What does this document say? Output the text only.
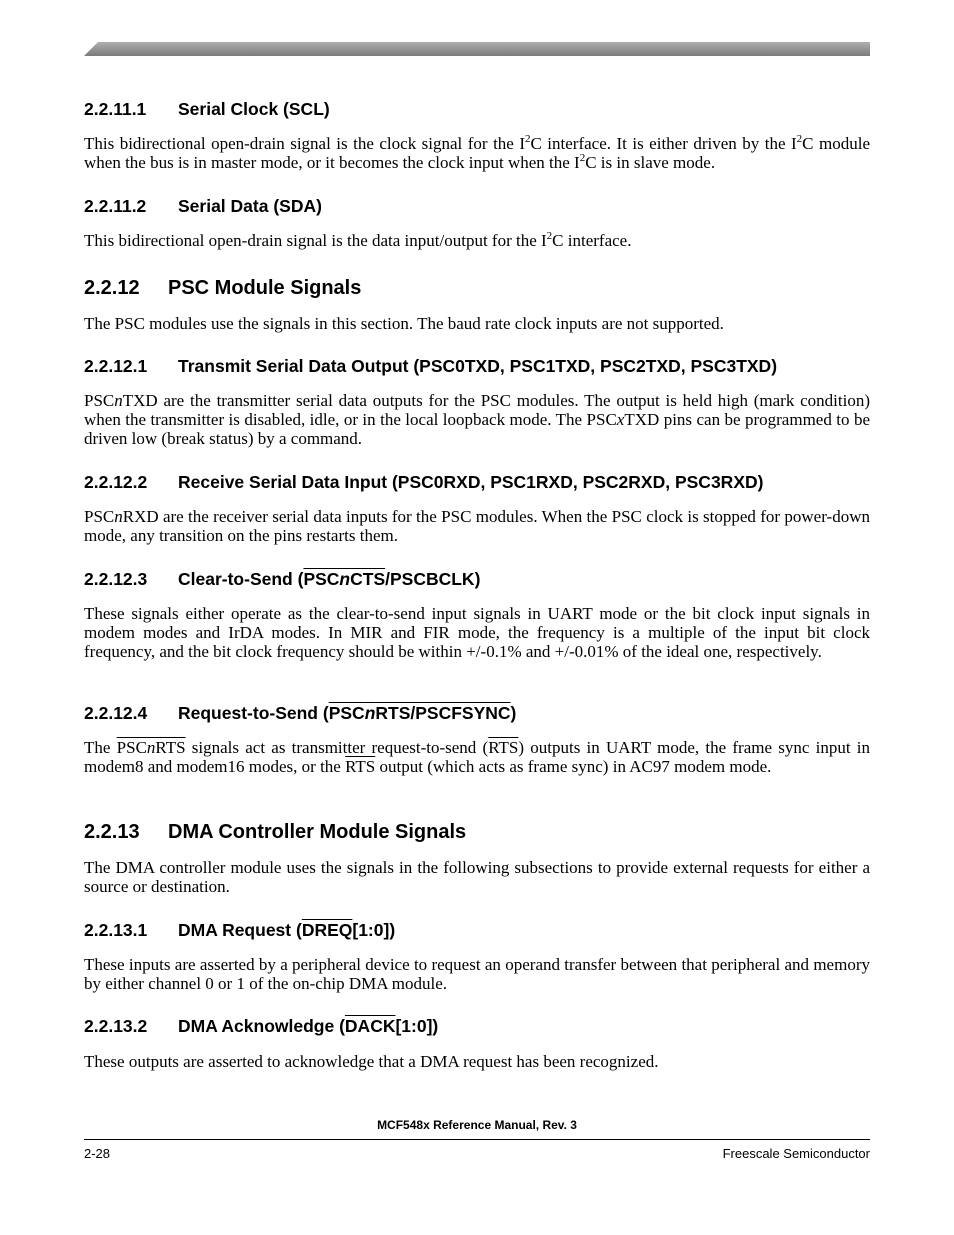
2.2.11.1 Serial Clock (SCL)

This bidirectional open-drain signal is the clock signal for the $I^2C$ interface. It is either driven by the $I^2C$ module when the bus is in master mode, or it becomes the clock input when the $I^2C$ is in slave mode.

2.2.11.2 Serial Data (SDA)

This bidirectional open-drain signal is the data input/output for the $I^2C$ interface.

2.2.12 PSC Module Signals

The PSC modules use the signals in this section. The baud rate clock inputs are not supported.

2.2.12.1 Transmit Serial Data Output (PSC0TXD, PSC1TXD, PSC2TXD, PSC3TXD)

PSCnTXD are the transmitter serial data outputs for the PSC modules. The output is held high (mark condition) when the transmitter is disabled, idle, or in the local loopback mode. The PSCxTXD pins can be programmed to be driven low (break status) by a command.

2.2.12.2 Receive Serial Data Input (PSC0RXD, PSC1RXD, PSC2RXD, PSC3RXD)

PSCnRXD are the receiver serial data inputs for the PSC modules. When the PSC clock is stopped for power-down mode, any transition on the pins restarts them.

2.2.12.3 Clear-to-Send (PSCnCTS/PSCBCLK)

These signals either operate as the clear-to-send input signals in UART mode or the bit clock input signals in modem modes and IrDA modes. In MIR and FIR mode, the frequency is a multiple of the input bit clock frequency, and the bit clock frequency should be within +/-0.1% and +/-0.01% of the ideal one, respectively.

2.2.12.4 Request-to-Send (PSCnRTS/PSCFSYNC)

The PSCnRTS signals act as transmitter request-to-send $(\overline{RTS})$ outputs in UART mode, the frame sync input in modem8 and modem16 modes, or the $\overline{RTS}$ output (which acts as frame sync) in AC97 modem mode.

2.2.13 DMA Controller Module Signals

The DMA controller module uses the signals in the following subsections to provide external requests for either a source or destination.

2.2.13.1 DMA Request (DREQ[1:0])

These inputs are asserted by a peripheral device to request an operand transfer between that peripheral and memory by either channel 0 or 1 of the on-chip DMA module.

2.2.13.2 DMA Acknowledge (DACK[1:0])

These outputs are asserted to acknowledge that a DMA request has been recognized.

MCF548x Reference Manual, Rev. 3
2-28	Freescale Semiconductor
